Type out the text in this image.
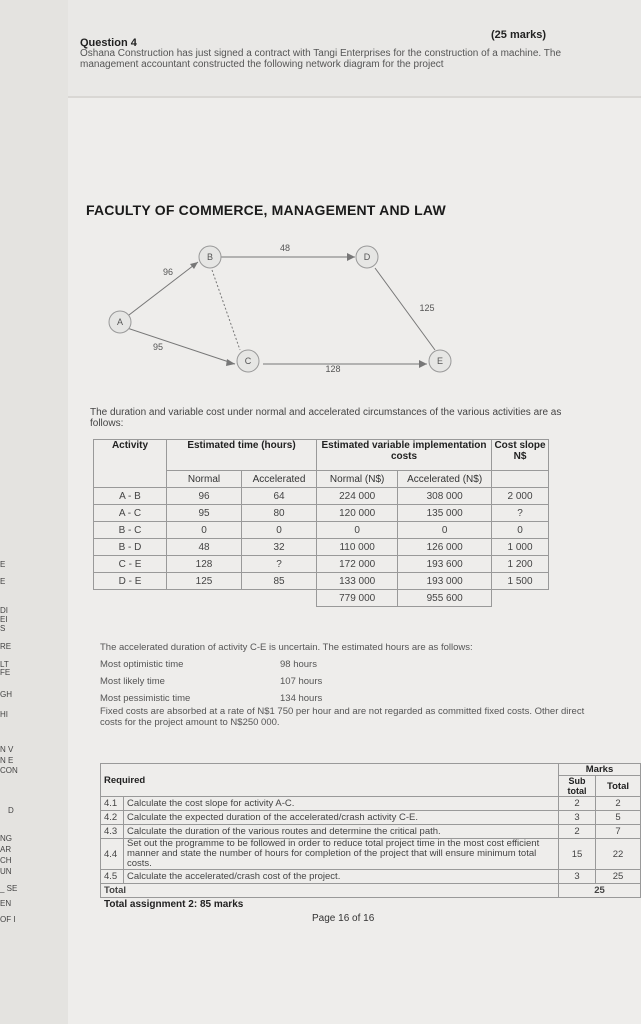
Question 4
(25 marks)
Oshana Construction has just signed a contract with Tangi Enterprises for the construction of a machine. The management accountant constructed the following network diagram for the project
FACULTY OF COMMERCE, MANAGEMENT AND LAW
A
B
C
D
E
96
95
48
128
125
The duration and variable cost under normal and accelerated circumstances of the various activities are as follows:
Activity	Estimated time (hours)		Estimated variable implementation costs		Cost slope
N$
	Normal	Accelerated	Normal (N$)	Accelerated (N$)	
A - B	96	64	224 000	308 000	2 000
A - C	95	80	120 000	135 000	?
B - C	0	0	0	0	0
B - D	48	32	110 000	126 000	1 000
C - E	128	?	172 000	193 600	1 200
D - E	125	85	133 000	193 000	1 500
			779 000	955 600	
The accelerated duration of activity C-E is uncertain. The estimated hours are as follows:
Most optimistic time	98 hours
Most likely time	107 hours
Most pessimistic time	134 hours
Fixed costs are absorbed at a rate of N$1 750 per hour and are not regarded as committed fixed costs. Other direct costs for the project amount to N$250 000.
Required		Marks	
		Sub total	Total
4.1	Calculate the cost slope for activity A-C.	2	2
4.2	Calculate the expected duration of the accelerated/crash activity C-E.	3	5
4.3	Calculate the duration of the various routes and determine the critical path.	2	7
4.4	Set out the programme to be followed in order to reduce total project time in the most cost efficient manner and state the number of hours for completion of the project that will ensure minimum total costs.	15	22
4.5	Calculate the accelerated/crash cost of the project.	3	25
Total		25	
Total assignment 2: 85 marks
Page 16 of 16
E
E
DI
EI
S
RE
LT
FE
GH
HI
N V
N E
CON
D
NG
AR
CH
UN
_ SE
EN
OF I
